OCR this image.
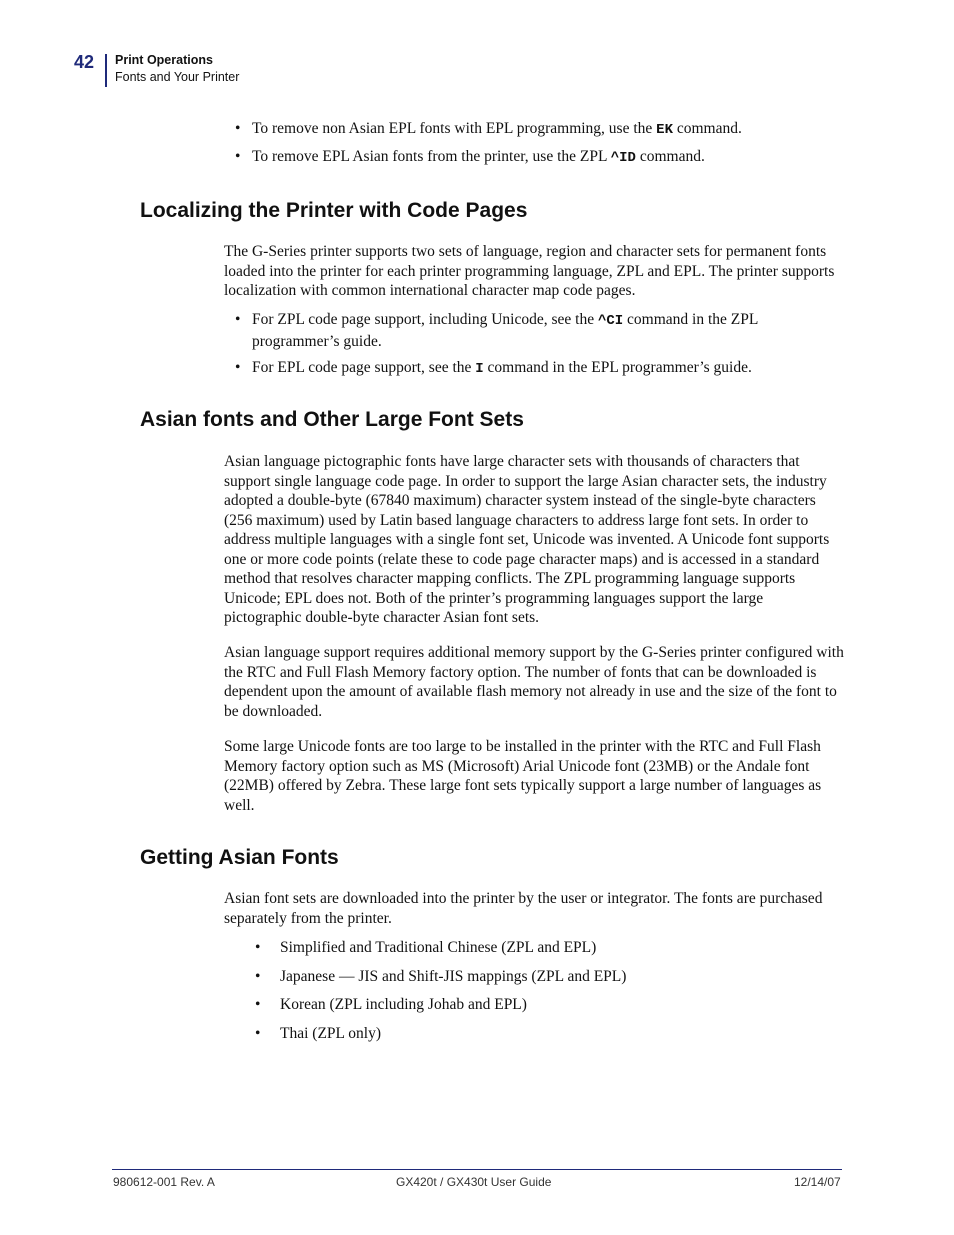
42 Print Operations
Fonts and Your Printer
• To remove non Asian EPL fonts with EPL programming, use the EK command.
• To remove EPL Asian fonts from the printer, use the ZPL ^ID command.
Localizing the Printer with Code Pages

The G-Series printer supports two sets of language, region and character sets for permanent fonts loaded into the printer for each printer programming language, ZPL and EPL. The printer supports localization with common international character map code pages.

• For ZPL code page support, including Unicode, see the ^CI command in the ZPL programmer’s guide.
• For EPL code page support, see the I command in the EPL programmer’s guide.
Asian fonts and Other Large Font Sets

Asian language pictographic fonts have large character sets with thousands of characters that support single language code page. In order to support the large Asian character sets, the industry adopted a double-byte (67840 maximum) character system instead of the single-byte characters (256 maximum) used by Latin based language characters to address large font sets. In order to address multiple languages with a single font set, Unicode was invented. A Unicode font supports one or more code points (relate these to code page character maps) and is accessed in a standard method that resolves character mapping conflicts. The ZPL programming language supports Unicode; EPL does not. Both of the printer’s programming languages support the large pictographic double-byte character Asian font sets.

Asian language support requires additional memory support by the G-Series printer configured with the RTC and Full Flash Memory factory option. The number of fonts that can be downloaded is dependent upon the amount of available flash memory not already in use and the size of the font to be downloaded.

Some large Unicode fonts are too large to be installed in the printer with the RTC and Full Flash Memory factory option such as MS (Microsoft) Arial Unicode font (23MB) or the Andale font (22MB) offered by Zebra. These large font sets typically support a large number of languages as well.

Getting Asian Fonts

Asian font sets are downloaded into the printer by the user or integrator. The fonts are purchased separately from the printer.

• Simplified and Traditional Chinese (ZPL and EPL)
• Japanese — JIS and Shift-JIS mappings (ZPL and EPL)
• Korean (ZPL including Johab and EPL)
• Thai (ZPL only)
980612-001 Rev. A	GX420t / GX430t User Guide	12/14/07
